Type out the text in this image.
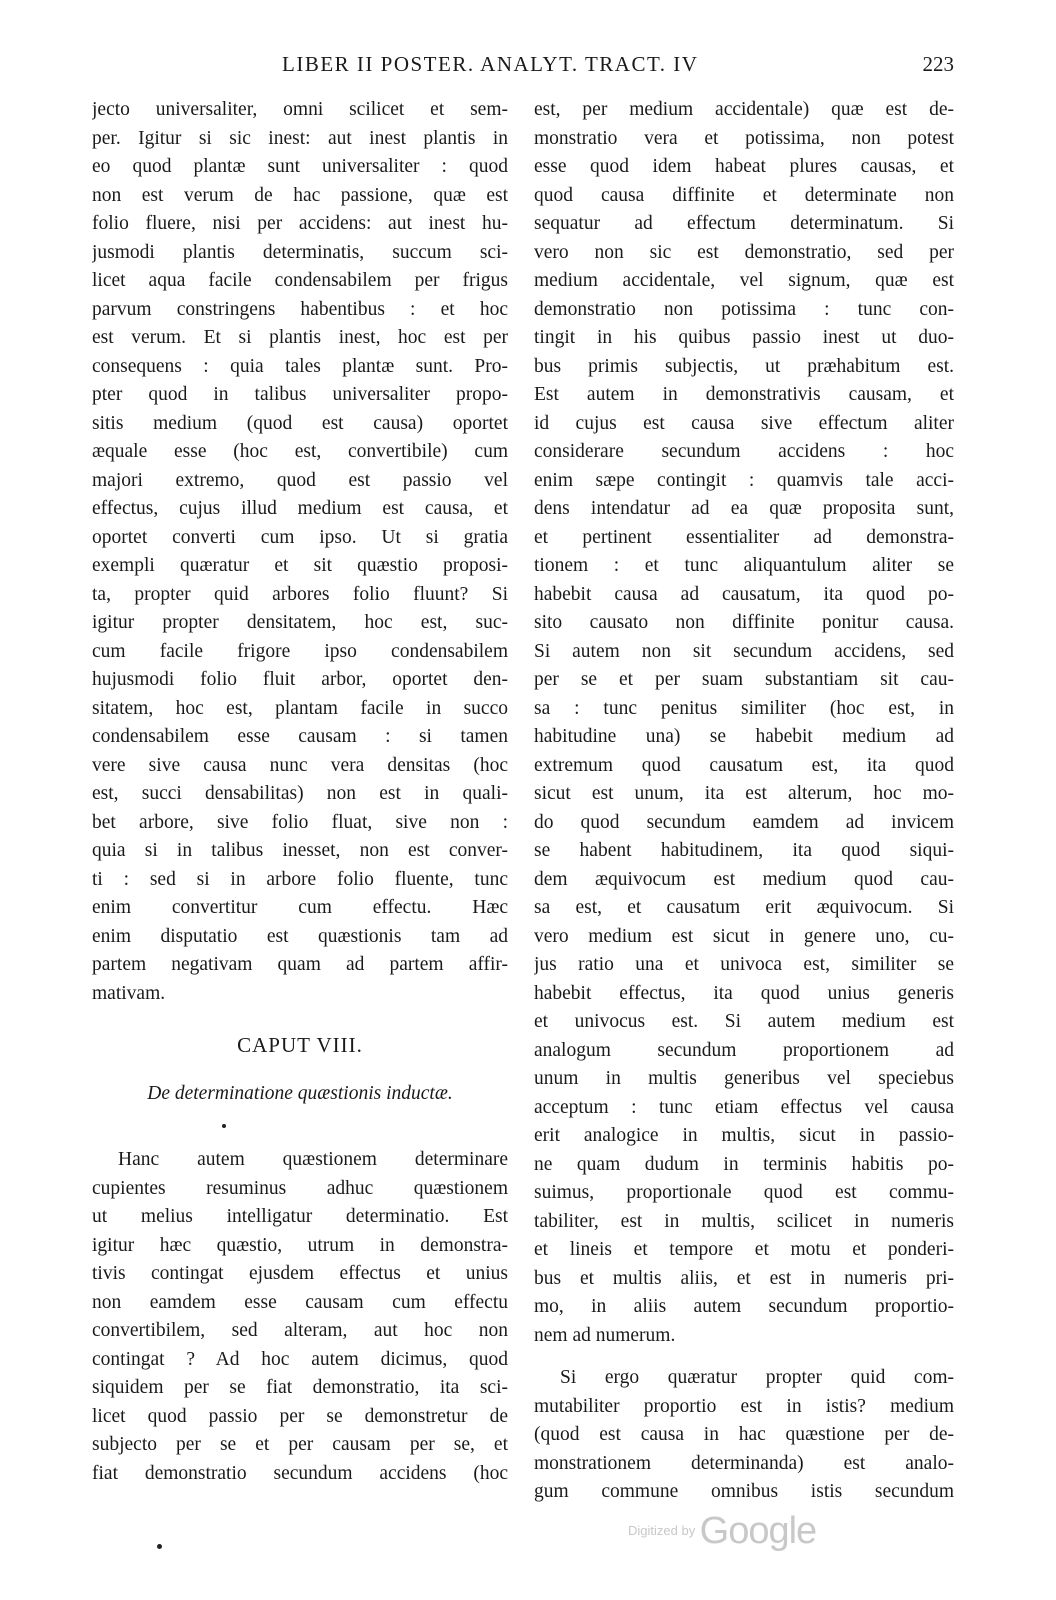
LIBER II POSTER. ANALYT. TRACT. IV	223
jecto universaliter, omni scilicet et sem-
per. Igitur si sic inest: aut inest plantis in
eo quod plantæ sunt universaliter : quod
non est verum de hac passione, quæ est
folio fluere, nisi per accidens: aut inest hu-
jusmodi plantis determinatis, succum sci-
licet aqua facile condensabilem per frigus
parvum constringens habentibus : et hoc
est verum. Et si plantis inest, hoc est per
consequens : quia tales plantæ sunt. Pro-
pter quod in talibus universaliter propo-
sitis medium (quod est causa) oportet
æquale esse (hoc est, convertibile) cum
majori extremo, quod est passio vel
effectus, cujus illud medium est causa, et
oportet converti cum ipso. Ut si gratia
exempli quæratur et sit quæstio proposi-
ta, propter quid arbores folio fluunt? Si
igitur propter densitatem, hoc est, suc-
cum facile frigore ipso condensabilem
hujusmodi folio fluit arbor, oportet den-
sitatem, hoc est, plantam facile in succo
condensabilem esse causam : si tamen
vere sive causa nunc vera densitas (hoc
est, succi densabilitas) non est in quali-
bet arbore, sive folio fluat, sive non :
quia si in talibus inesset, non est conver-
ti : sed si in arbore folio fluente, tunc
enim convertitur cum effectu. Hæc
enim disputatio est quæstionis tam ad
partem negativam quam ad partem affir-
mativam.
CAPUT VIII.
De determinatione quæstionis inductæ.
Hanc autem quæstionem determinare
cupientes resuminus adhuc quæstionem
ut melius intelligatur determinatio. Est
igitur hæc quæstio, utrum in demonstra-
tivis contingat ejusdem effectus et unius
non eamdem esse causam cum effectu
convertibilem, sed alteram, aut hoc non
contingat ? Ad hoc autem dicimus, quod
siquidem per se fiat demonstratio, ita sci-
licet quod passio per se demonstretur de
subjecto per se et per causam per se, et
fiat demonstratio secundum accidens (hoc
est, per medium accidentale) quæ est de-
monstratio vera et potissima, non potest
esse quod idem habeat plures causas, et
quod causa diffinite et determinate non
sequatur ad effectum determinatum. Si
vero non sic est demonstratio, sed per
medium accidentale, vel signum, quæ est
demonstratio non potissima : tunc con-
tingit in his quibus passio inest ut duo-
bus primis subjectis, ut præhabitum est.
Est autem in demonstrativis causam, et
id cujus est causa sive effectum aliter
considerare secundum accidens : hoc
enim sæpe contingit : quamvis tale acci-
dens intendatur ad ea quæ proposita sunt,
et pertinent essentialiter ad demonstra-
tionem : et tunc aliquantulum aliter se
habebit causa ad causatum, ita quod po-
sito causato non diffinite ponitur causa.
Si autem non sit secundum accidens, sed
per se et per suam substantiam sit cau-
sa : tunc penitus similiter (hoc est, in
habitudine una) se habebit medium ad
extremum quod causatum est, ita quod
sicut est unum, ita est alterum, hoc mo-
do quod secundum eamdem ad invicem
se habent habitudinem, ita quod siqui-
dem æquivocum est medium quod cau-
sa est, et causatum erit æquivocum. Si
vero medium est sicut in genere uno, cu-
jus ratio una et univoca est, similiter se
habebit effectus, ita quod unius generis
et univocus est. Si autem medium est
analogum secundum proportionem ad
unum in multis generibus vel speciebus
acceptum : tunc etiam effectus vel causa
erit analogice in multis, sicut in passio-
ne quam dudum in terminis habitis po-
suimus, proportionale quod est commu-
tabiliter, est in multis, scilicet in numeris
et lineis et tempore et motu et ponderi-
bus et multis aliis, et est in numeris pri-
mo, in aliis autem secundum proportio-
nem ad numerum.
Si ergo quæratur propter quid com-
mutabiliter proportio est in istis? medium
(quod est causa in hac quæstione per de-
monstrationem determinanda) est analo-
gum commune omnibus istis secundum
$^{Digitized by}$ Google
